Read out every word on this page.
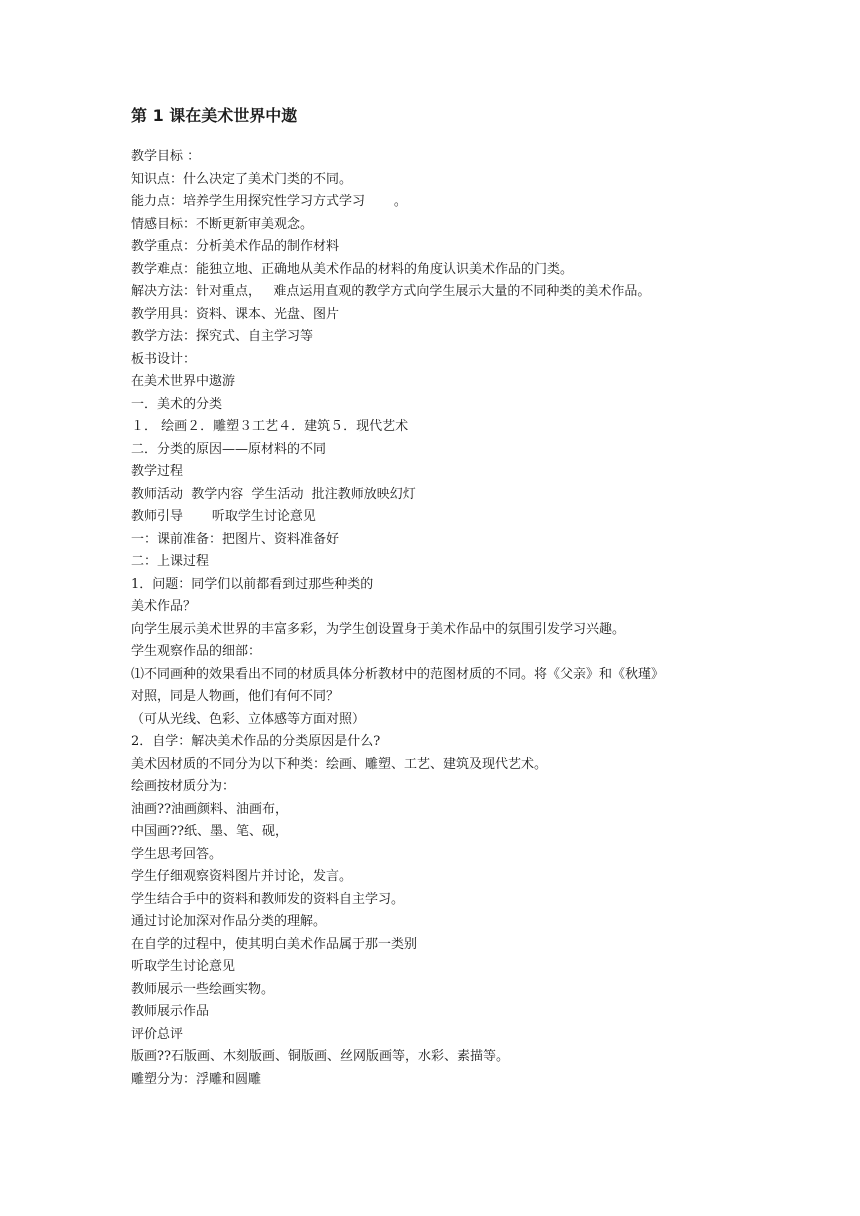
第 1 课在美术世界中遨
教学目标 ：
知识点：什么决定了美术门类的不同。
能力点：培养学生用探究性学习方式学习       。
情感目标：不断更新审美观念。
教学重点：分析美术作品的制作材料
教学难点：能独立地、正确地从美术作品的材料的角度认识美术作品的门类。
解决方法：针对重点，   难点运用直观的教学方式向学生展示大量的不同种类的美术作品。
教学用具：资料、课本、光盘、图片
教学方法：探究式、自主学习等
板书设计：
在美术世界中遨游
一．美术的分类
１． 绘画２．雕塑３工艺４．建筑５．现代艺术
二．分类的原因——原材料的不同
教学过程
教师活动  教学内容  学生活动  批注教师放映幻灯
教师引导       听取学生讨论意见
一：课前准备：把图片、资料准备好
二：上课过程
1．问题：同学们以前都看到过那些种类的
美术作品？
向学生展示美术世界的丰富多彩，为学生创设置身于美术作品中的氛围引发学习兴趣。
学生观察作品的细部：
⑴不同画种的效果看出不同的材质具体分析教材中的范图材质的不同。将《父亲》和《秋瑾》
对照，同是人物画，他们有何不同？
（可从光线、色彩、立体感等方面对照）
2．自学：解决美术作品的分类原因是什么?
美术因材质的不同分为以下种类：绘画、雕塑、工艺、建筑及现代艺术。
绘画按材质分为：
油画??油画颜料、油画布，
中国画??纸、墨、笔、砚，
学生思考回答。
学生仔细观察资料图片并讨论，发言。
学生结合手中的资料和教师发的资料自主学习。
通过讨论加深对作品分类的理解。
在自学的过程中，使其明白美术作品属于那一类别
听取学生讨论意见
教师展示一些绘画实物。
教师展示作品
评价总评
版画??石版画、木刻版画、铜版画、丝网版画等，水彩、素描等。
雕塑分为：浮雕和圆雕
